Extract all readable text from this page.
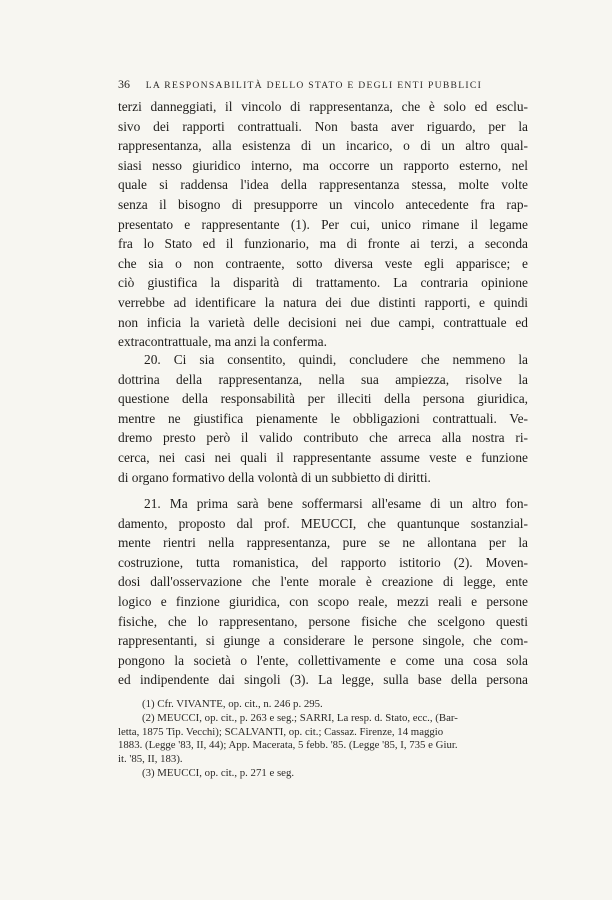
36 LA RESPONSABILITÀ DELLO STATO E DEGLI ENTI PUBBLICI
terzi danneggiati, il vincolo di rappresentanza, che è solo ed esclu-
sivo dei rapporti contrattuali. Non basta aver riguardo, per la
rappresentanza, alla esistenza di un incarico, o di un altro qual-
siasi nesso giuridico interno, ma occorre un rapporto esterno, nel
quale si raddensa l'idea della rappresentanza stessa, molte volte
senza il bisogno di presupporre un vincolo antecedente fra rap-
presentato e rappresentante (1). Per cui, unico rimane il legame
fra lo Stato ed il funzionario, ma di fronte ai terzi, a seconda
che sia o non contraente, sotto diversa veste egli apparisce; e
ciò giustifica la disparità di trattamento. La contraria opinione
verrebbe ad identificare la natura dei due distinti rapporti, e quindi
non inficia la varietà delle decisioni nei due campi, contrattuale ed
extracontrattuale, ma anzi la conferma.
20. Ci sia consentito, quindi, concludere che nemmeno la
dottrina della rappresentanza, nella sua ampiezza, risolve la
questione della responsabilità per illeciti della persona giuridica,
mentre ne giustifica pienamente le obbligazioni contrattuali. Ve-
dremo presto però il valido contributo che arreca alla nostra ri-
cerca, nei casi nei quali il rappresentante assume veste e funzione
di organo formativo della volontà di un subbietto di diritti.
21. Ma prima sarà bene soffermarsi all'esame di un altro fon-
damento, proposto dal prof. MEUCCI, che quantunque sostanzial-
mente rientri nella rappresentanza, pure se ne allontana per la
costruzione, tutta romanistica, del rapporto istitorio (2). Moven-
dosi dall'osservazione che l'ente morale è creazione di legge, ente
logico e finzione giuridica, con scopo reale, mezzi reali e persone
fisiche, che lo rappresentano, persone fisiche che scelgono questi
rappresentanti, si giunge a considerare le persone singole, che com-
pongono la società o l'ente, collettivamente e come una cosa sola
ed indipendente dai singoli (3). La legge, sulla base della persona
(1) Cfr. VIVANTE, op. cit., n. 246 p. 295.
(2) MEUCCI, op. cit., p. 263 e seg.; SARRI, La resp. d. Stato, ecc., (Bar-
letta, 1875 Tip. Vecchi); SCALVANTI, op. cit.; Cassaz. Firenze, 14 maggio
1883. (Legge '83, II, 44); App. Macerata, 5 febb. '85. (Legge '85, I, 735 e Giur.
it. '85, II, 183).
(3) MEUCCI, op. cit., p. 271 e seg.
